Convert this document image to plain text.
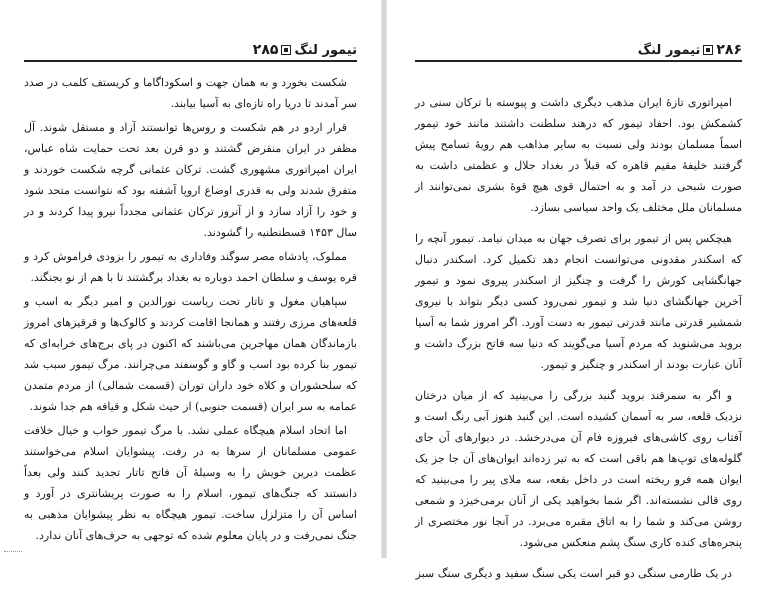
تیمور لنگ
۲۸۵

شکست بخورد و به همان جهت و اسکوداگاما و کریستف کلمب در صدد سر آمدند تا دریا راه تازه‌ای به آسیا بیابند.

قرار اردو در هم شکست و روس‌ها توانستند آزاد و مستقل شوند. آل مظفر در ایران منقرض گشتند و دو قرن بعد تحت حمایت شاه عباس، ایران امپراتوری مشهوری گشت. ترکان عثمانی گرچه شکست خوردند و متفرق شدند ولی به قدری اوضاع اروپا آشفته بود که نتوانست متحد شود و خود را آزاد سازد و از آنروز ترکان عثمانی مجدداً نیرو پیدا کردند و در سال ۱۴۵۳ قسطنطنیه را گشودند.

مملوک، پادشاه مصر سوگند وفاداری به تیمور را بزودی فراموش کرد و قره یوسف و سلطان احمد دوباره به بغداد برگشتند تا با هم از نو بجنگند.

سپاهیان مغول و تاتار تحت ریاست نورالدین و امیر دیگر به اسب و قلعه‌های مرزی رفتند و همانجا اقامت کردند و کالوک‌ها و قرقیزهای امروز بازماندگان همان مهاجرین می‌باشند که اکنون در پای برج‌های خرابه‌ای که تیمور بنا کرده بود اسب و گاو و گوسفند می‌چرانند. مرگ تیمور سبب شد که سلحشوران و کلاه خود داران توران (قسمت شمالی) از مردم متمدن عمامه به سر ایران (قسمت جنوبی) از حیث شکل و قیافه هم جدا شوند.

اما اتحاد اسلام هیچگاه عملی نشد. با مرگ تیمور خواب و خیال خلافت عمومی مسلمانان از سرها به در رفت. پیشوایان اسلام می‌خواستند عظمت دیرین خویش را به وسیلهٔ آن فاتح تاتار تجدید کنند ولی بعداً دانستند که جنگ‌های تیمور، اسلام را به صورت پریشانتری در آورد و اساس آن را متزلزل ساخت. تیمور هیچگاه به نظر پیشوایان مذهبی به جنگ نمی‌رفت و در پایان معلوم شده که توجهی به حرف‌های آنان ندارد.

۲۸۶
تیمور لنگ

امپراتوری تازهٔ ایران مذهب دیگری داشت و پیوسته با ترکان سنی در کشمکش بود. احفاد تیمور که درهند سلطنت داشتند مانند خود تیمور اسماً مسلمان بودند ولی نسبت به سایر مذاهب هم رویهٔ تسامح پیش گرفتند خلیفهٔ مقیم قاهره که قبلاً در بغداد جلال و عظمتی داشت به صورت شبحی در آمد و به احتمال قوی هیچ قوهٔ بشری نمی‌توانند از مسلمانان ملل مختلف یک واحد سیاسی بسازد.

هیچکس پس از تیمور برای تصرف جهان به میدان نیامد. تیمور آنچه را که اسکندر مقدونی می‌توانست انجام دهد تکمیل کرد. اسکندر دنبال جهانگشایی کورش را گرفت و چنگیز از اسکندر پیروی نمود و تیمور آخرین جهانگشای دنیا شد و تیمور نمی‌رود کسی دیگر بتواند با نیروی شمشیر قدرتی مانند قدرتی تیمور به دست آورد. اگر امروز شما به آسیا بروید می‌شنوید که مردم آسیا می‌گویند که دنیا سه فاتح بزرگ داشت و آنان عبارت بودند از اسکندر و چنگیز و تیمور.

و اگر به سمرقند بروید گنبد بزرگی را می‌بینید که از میان درختان نزدیک قلعه، سر به آسمان کشیده است. این گنبد هنوز آبی رنگ است و آفتاب روی کاشی‌های فیروزه فام آن می‌درخشد. در دیوارهای آن جای گلوله‌های توپ‌ها هم باقی است که به تیر زده‌اند ایوان‌های آن جا جز یک ایوان همه فرو ریخته است در داخل بقعه، سه ملای پیر را می‌بینید که روی قالی نشسته‌اند. اگر شما بخواهید یکی از آنان برمی‌خیزد و شمعی روشن می‌کند و شما را به اتاق مقبره می‌برد. در آنجا نور مختصری از پنجره‌های کنده کاری سنگ پشم منعکس می‌شود.

در یک طارمی سنگی دو قبر است یکی سنگ سفید و دیگری سنگ سبز
